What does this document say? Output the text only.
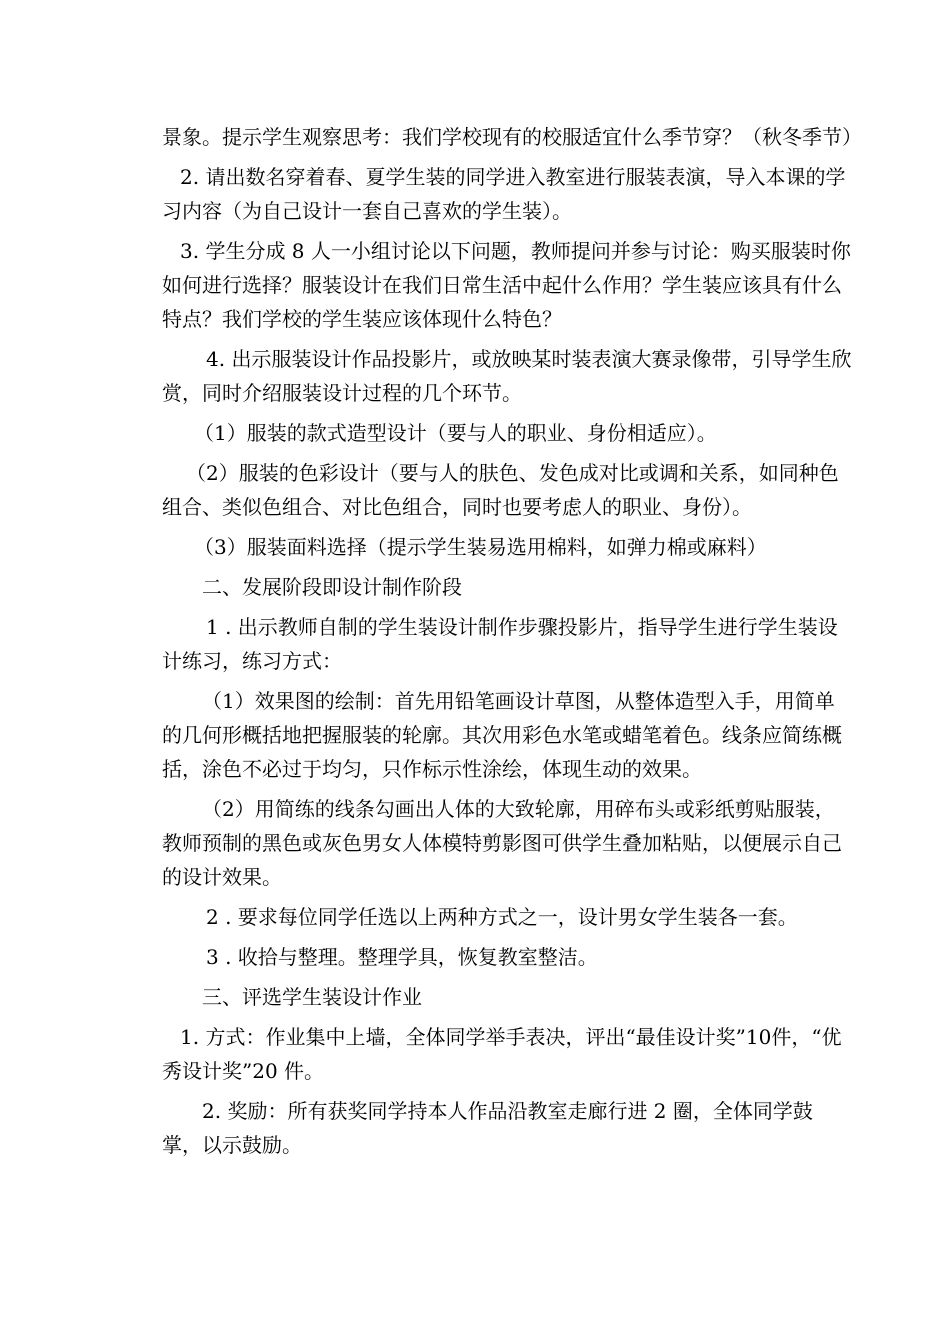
景象。提示学生观察思考：我们学校现有的校服适宜什么季节穿？（秋冬季节）

2. 请出数名穿着春、夏学生装的同学进入教室进行服装表演，导入本课的学习内容（为自己设计一套自己喜欢的学生装）。

3. 学生分成 8 人一小组讨论以下问题，教师提问并参与讨论：购买服装时你如何进行选择？服装设计在我们日常生活中起什么作用？学生装应该具有什么特点？我们学校的学生装应该体现什么特色？

4. 出示服装设计作品投影片，或放映某时装表演大赛录像带，引导学生欣赏，同时介绍服装设计过程的几个环节。

（1）服装的款式造型设计（要与人的职业、身份相适应）。

（2）服装的色彩设计（要与人的肤色、发色成对比或调和关系，如同种色组合、类似色组合、对比色组合，同时也要考虑人的职业、身份）。

（3）服装面料选择（提示学生装易选用棉料，如弹力棉或麻料）

二、发展阶段即设计制作阶段

1 . 出示教师自制的学生装设计制作步骤投影片，指导学生进行学生装设计练习，练习方式：

（1）效果图的绘制：首先用铅笔画设计草图，从整体造型入手，用简单的几何形概括地把握服装的轮廓。其次用彩色水笔或蜡笔着色。线条应简练概括，涂色不必过于均匀，只作标示性涂绘，体现生动的效果。

（2）用简练的线条勾画出人体的大致轮廓，用碎布头或彩纸剪贴服装，教师预制的黑色或灰色男女人体模特剪影图可供学生叠加粘贴，以便展示自己的设计效果。

2 . 要求每位同学任选以上两种方式之一，设计男女学生装各一套。

3 . 收拾与整理。整理学具，恢复教室整洁。

三、评选学生装设计作业

1. 方式：作业集中上墙，全体同学举手表决，评出“最佳设计奖”10件，“优秀设计奖”20 件。

2. 奖励：所有获奖同学持本人作品沿教室走廊行进 2 圈，全体同学鼓掌，以示鼓励。
